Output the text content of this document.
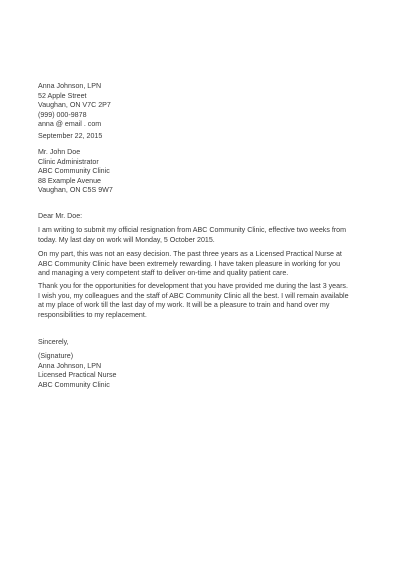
Anna Johnson, LPN
52 Apple Street
Vaughan, ON V7C 2P7
(999) 000-9878
anna @ email . com
September 22, 2015
Mr. John Doe
Clinic Administrator
ABC Community Clinic
88 Example Avenue
Vaughan, ON C5S 9W7
Dear Mr. Doe:
I am writing to submit my official resignation from ABC Community Clinic, effective two weeks from
today. My last day on work will Monday, 5 October 2015.
On my part, this was not an easy decision. The past three years as a Licensed Practical Nurse at
ABC Community Clinic have been extremely rewarding. I have taken pleasure in working for you
and managing a very competent staff to deliver on-time and quality patient care.
Thank you for the opportunities for development that you have provided me during the last 3 years.
I wish you, my colleagues and the staff of ABC Community Clinic all the best. I will remain available
at my place of work till the last day of my work. It will be a pleasure to train and hand over my
responsibilities to my replacement.
Sincerely,
(Signature)
Anna Johnson, LPN
Licensed Practical Nurse
ABC Community Clinic
